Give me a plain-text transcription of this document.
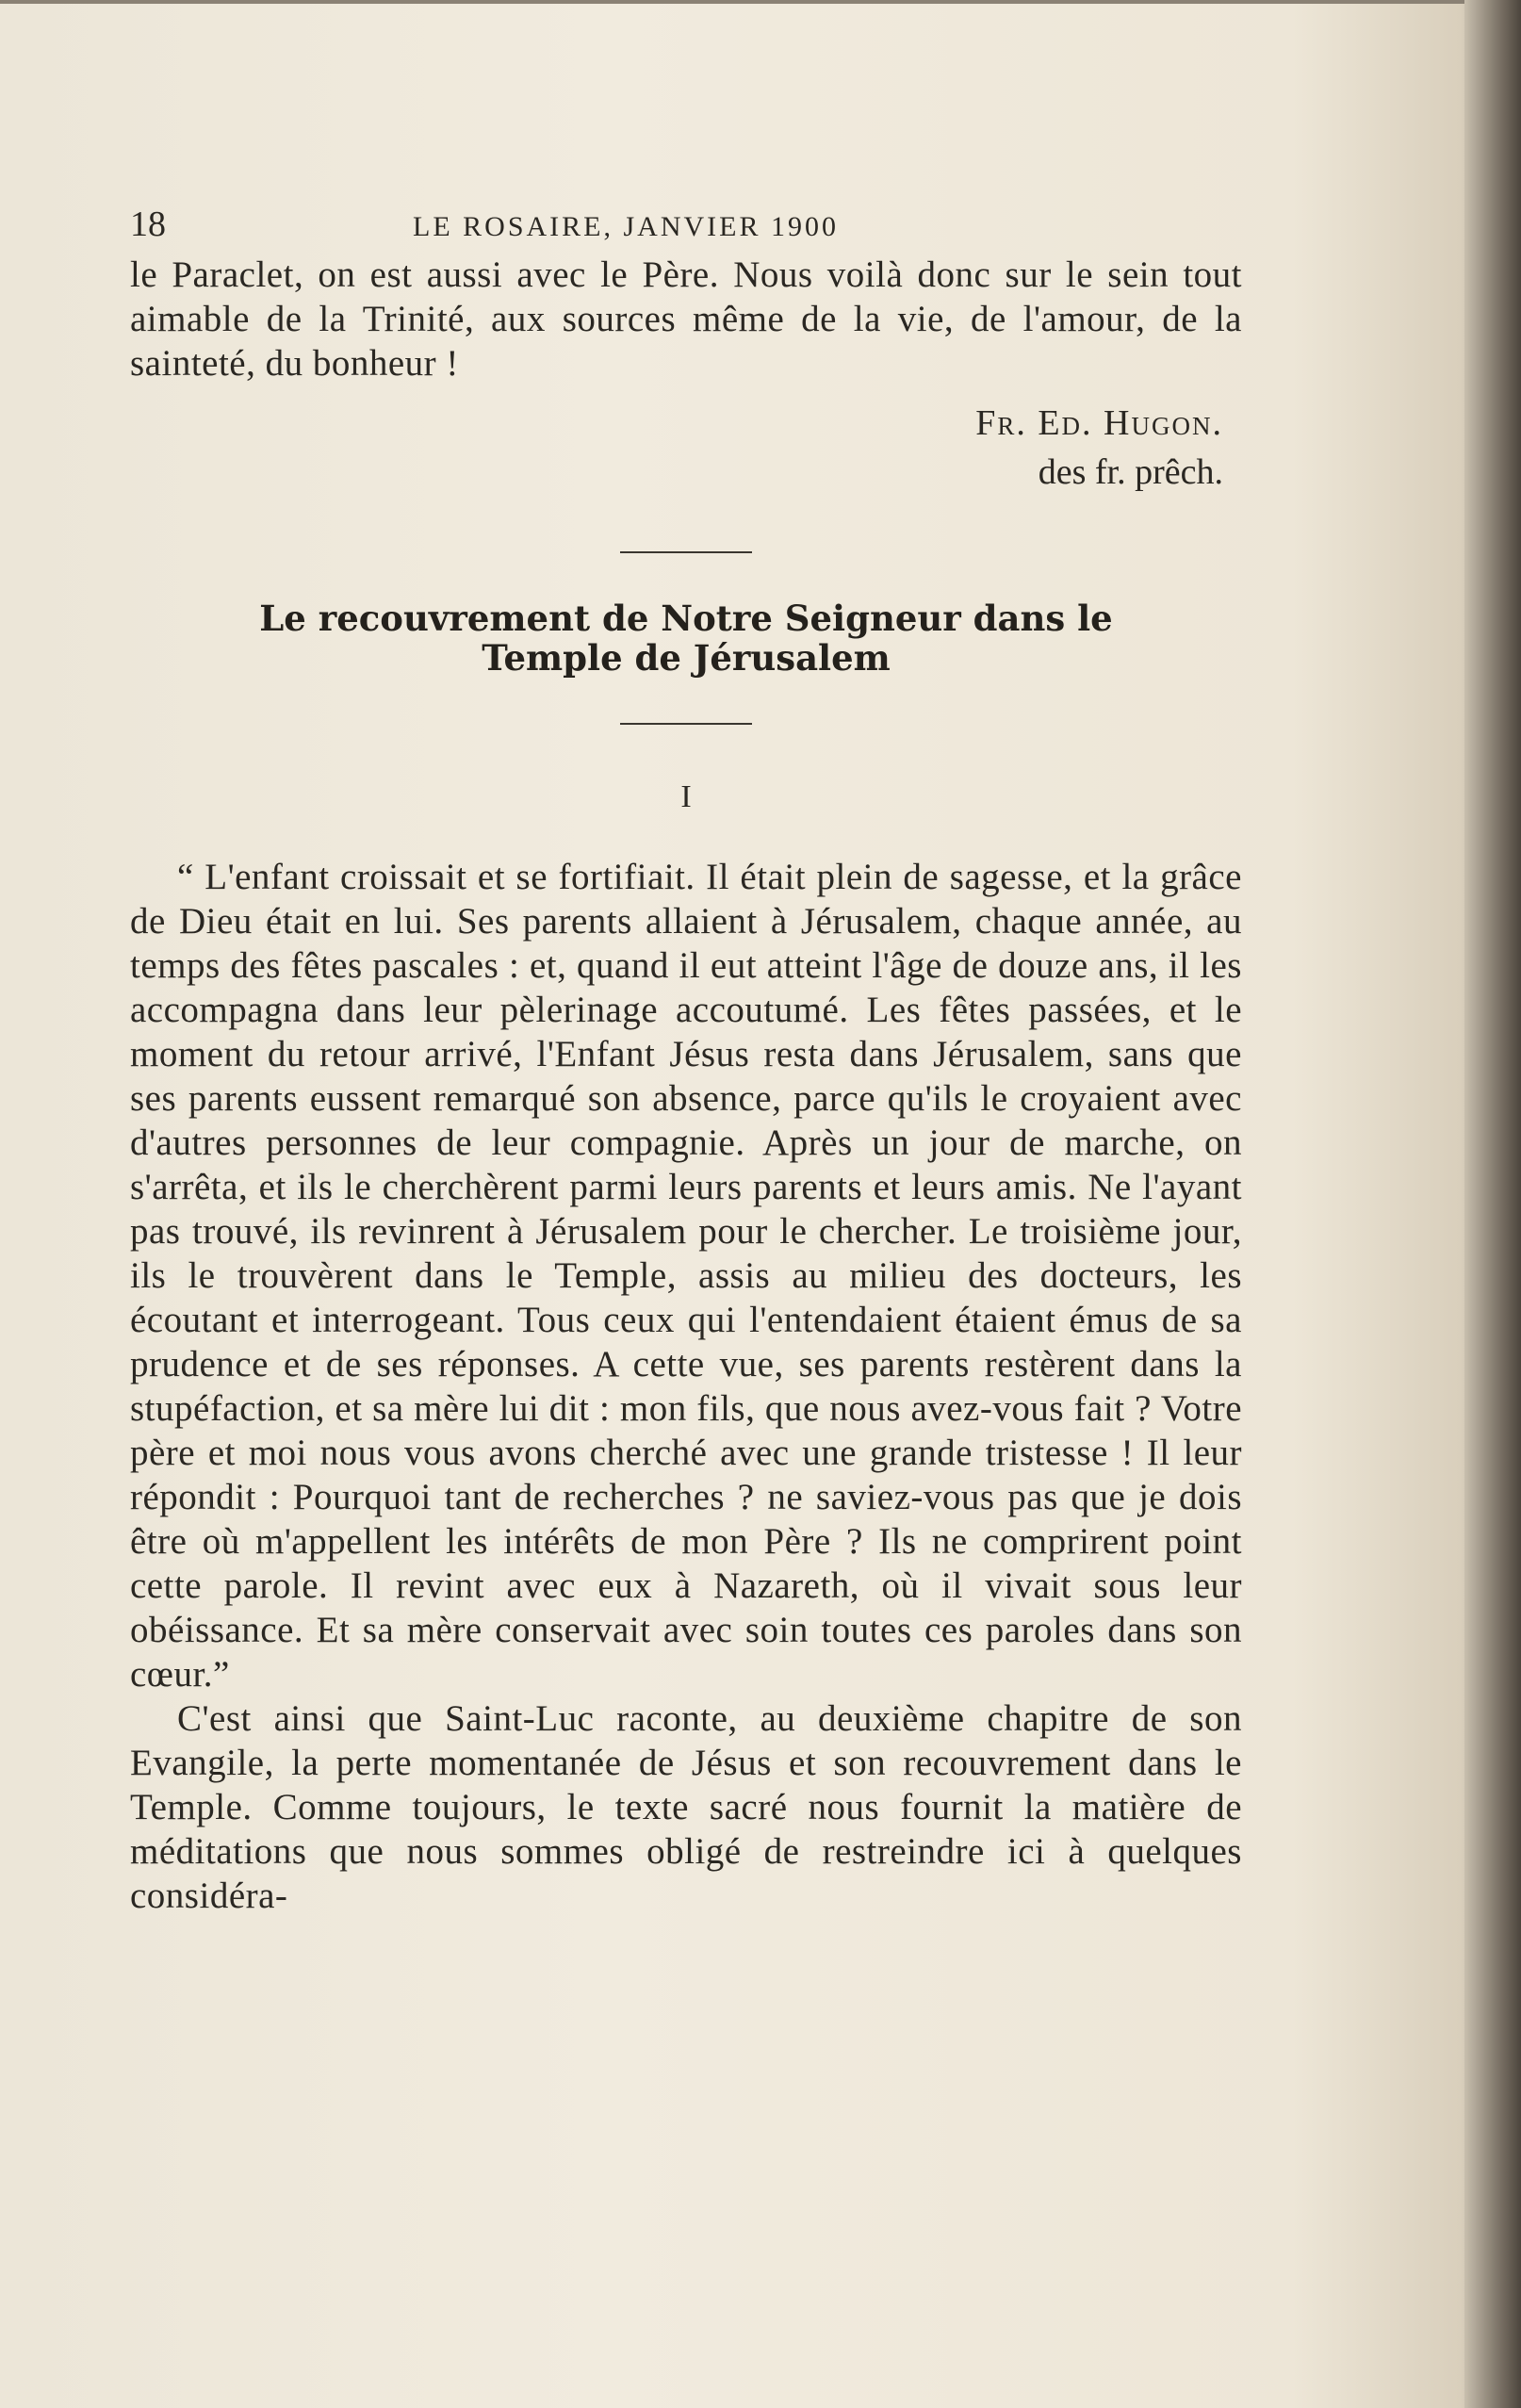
18	LE ROSAIRE, JANVIER 1900

le Paraclet, on est aussi avec le Père. Nous voilà donc sur le sein tout aimable de la Trinité, aux sources même de la vie, de l'amour, de la sainteté, du bonheur !

Fr. Ed. Hugon.
des fr. prêch.
Le recouvrement de Notre Seigneur dans le
Temple de Jérusalem
I

“ L'enfant croissait et se fortifiait. Il était plein de sagesse, et la grâce de Dieu était en lui. Ses parents allaient à Jérusalem, chaque année, au temps des fêtes pascales : et, quand il eut atteint l'âge de douze ans, il les accompagna dans leur pèlerinage accoutumé. Les fêtes passées, et le moment du retour arrivé, l'Enfant Jésus resta dans Jérusalem, sans que ses parents eussent remarqué son absence, parce qu'ils le croyaient avec d'autres personnes de leur compagnie. Après un jour de marche, on s'arrêta, et ils le cherchèrent parmi leurs parents et leurs amis. Ne l'ayant pas trouvé, ils revinrent à Jérusalem pour le chercher. Le troisième jour, ils le trouvèrent dans le Temple, assis au milieu des docteurs, les écoutant et interrogeant. Tous ceux qui l'entendaient étaient émus de sa prudence et de ses réponses. A cette vue, ses parents restèrent dans la stupéfaction, et sa mère lui dit : mon fils, que nous avez-vous fait ? Votre père et moi nous vous avons cherché avec une grande tristesse ! Il leur répondit : Pourquoi tant de recherches ? ne saviez-vous pas que je dois être où m'appellent les intérêts de mon Père ? Ils ne comprirent point cette parole. Il revint avec eux à Nazareth, où il vivait sous leur obéissance. Et sa mère conservait avec soin toutes ces paroles dans son cœur.”

C'est ainsi que Saint-Luc raconte, au deuxième chapitre de son Evangile, la perte momentanée de Jésus et son recouvrement dans le Temple. Comme toujours, le texte sacré nous fournit la matière de méditations que nous sommes obligé de restreindre ici à quelques considéra-
